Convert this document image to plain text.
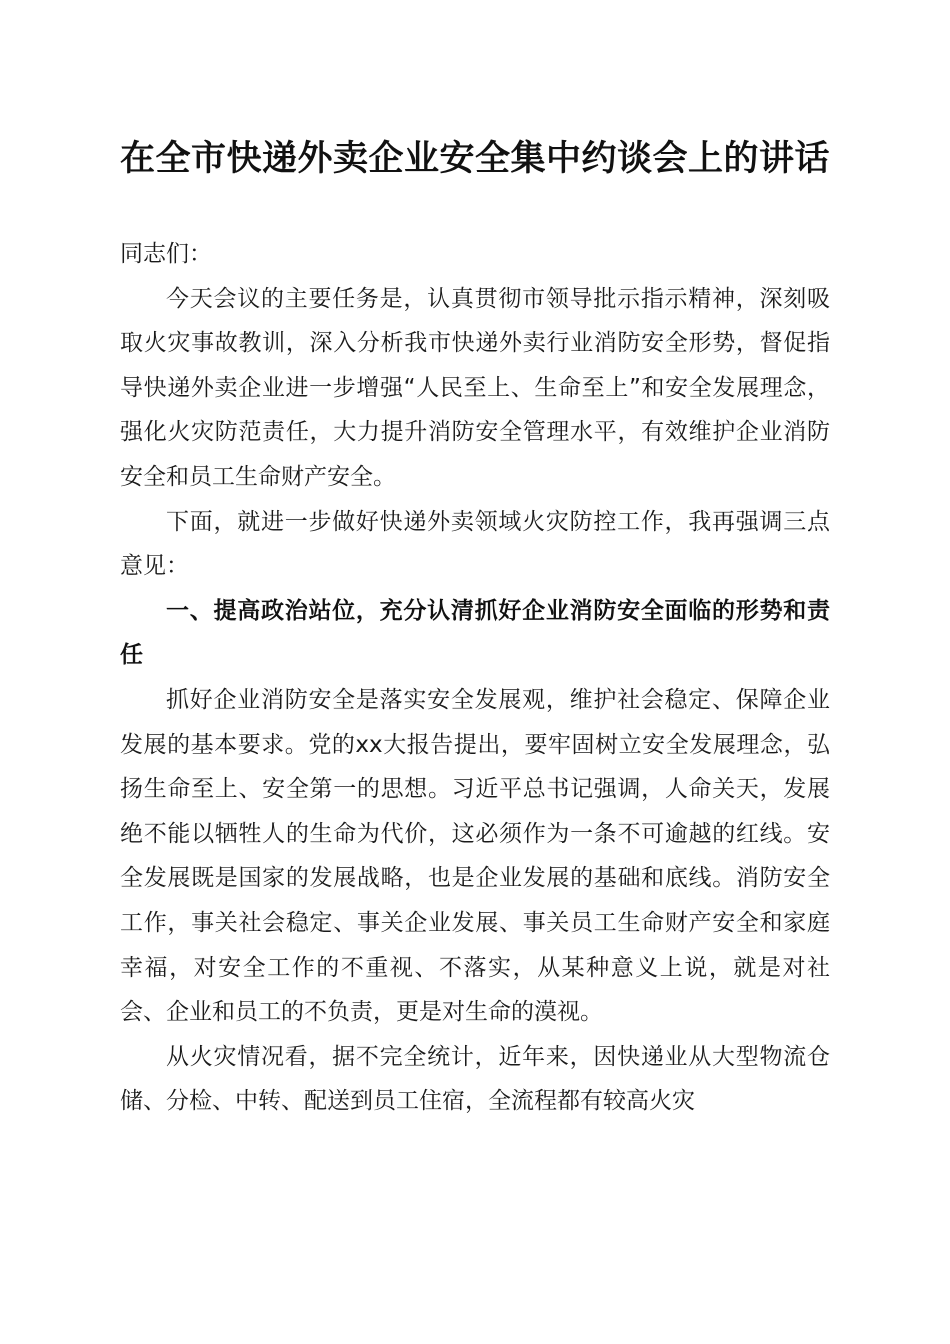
在全市快递外卖企业安全集中约谈会上的讲话

同志们：

今天会议的主要任务是，认真贯彻市领导批示指示精神，深刻吸取火灾事故教训，深入分析我市快递外卖行业消防安全形势，督促指导快递外卖企业进一步增强“人民至上、生命至上”和安全发展理念，强化火灾防范责任，大力提升消防安全管理水平，有效维护企业消防安全和员工生命财产安全。

下面，就进一步做好快递外卖领域火灾防控工作，我再强调三点意见：

一、提高政治站位，充分认清抓好企业消防安全面临的形势和责任

抓好企业消防安全是落实安全发展观，维护社会稳定、保障企业发展的基本要求。党的xx大报告提出，要牢固树立安全发展理念，弘扬生命至上、安全第一的思想。习近平总书记强调，人命关天，发展绝不能以牺牲人的生命为代价，这必须作为一条不可逾越的红线。安全发展既是国家的发展战略，也是企业发展的基础和底线。消防安全工作，事关社会稳定、事关企业发展、事关员工生命财产安全和家庭幸福，对安全工作的不重视、不落实，从某种意义上说，就是对社会、企业和员工的不负责，更是对生命的漠视。

从火灾情况看，据不完全统计，近年来，因快递业从大型物流仓储、分检、中转、配送到员工住宿，全流程都有较高火灾
